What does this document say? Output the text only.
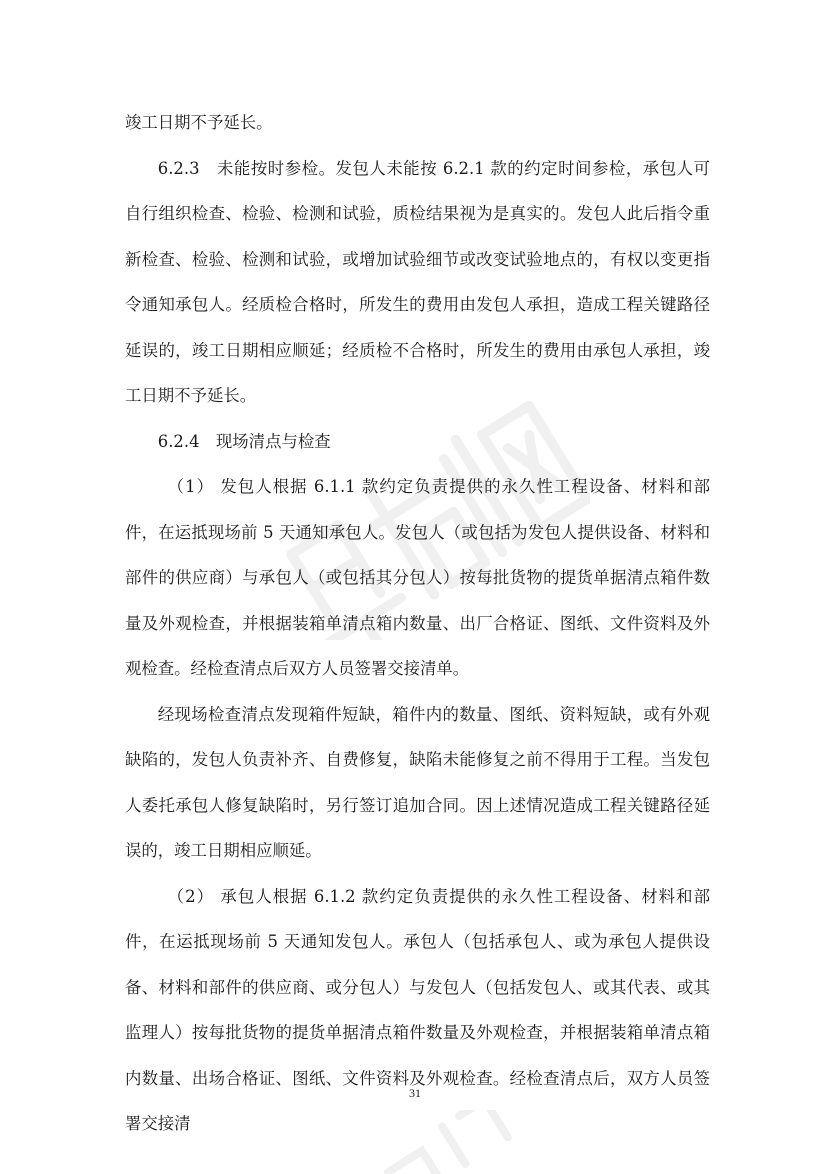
竣工日期不予延长。

6.2.3　未能按时参检。发包人未能按 6.2.1 款的约定时间参检，承包人可自行组织检查、检验、检测和试验，质检结果视为是真实的。发包人此后指令重新检查、检验、检测和试验，或增加试验细节或改变试验地点的，有权以变更指令通知承包人。经质检合格时，所发生的费用由发包人承担，造成工程关键路径延误的，竣工日期相应顺延；经质检不合格时，所发生的费用由承包人承担，竣工日期不予延长。

6.2.4　现场清点与检查

（1） 发包人根据 6.1.1 款约定负责提供的永久性工程设备、材料和部件，在运抵现场前 5 天通知承包人。发包人（或包括为发包人提供设备、材料和部件的供应商）与承包人（或包括其分包人）按每批货物的提货单据清点箱件数量及外观检查，并根据装箱单清点箱内数量、出厂合格证、图纸、文件资料及外观检查。经检查清点后双方人员签署交接清单。

经现场检查清点发现箱件短缺，箱件内的数量、图纸、资料短缺，或有外观缺陷的，发包人负责补齐、自费修复，缺陷未能修复之前不得用于工程。当发包人委托承包人修复缺陷时，另行签订追加合同。因上述情况造成工程关键路径延误的，竣工日期相应顺延。

（2） 承包人根据 6.1.2 款约定负责提供的永久性工程设备、材料和部件，在运抵现场前 5 天通知发包人。承包人（包括承包人、或为承包人提供设备、材料和部件的供应商、或分包人）与发包人（包括发包人、或其代表、或其监理人）按每批货物的提货单据清点箱件数量及外观检查，并根据装箱单清点箱内数量、出场合格证、图纸、文件资料及外观检查。经检查清点后，双方人员签署交接清

31
